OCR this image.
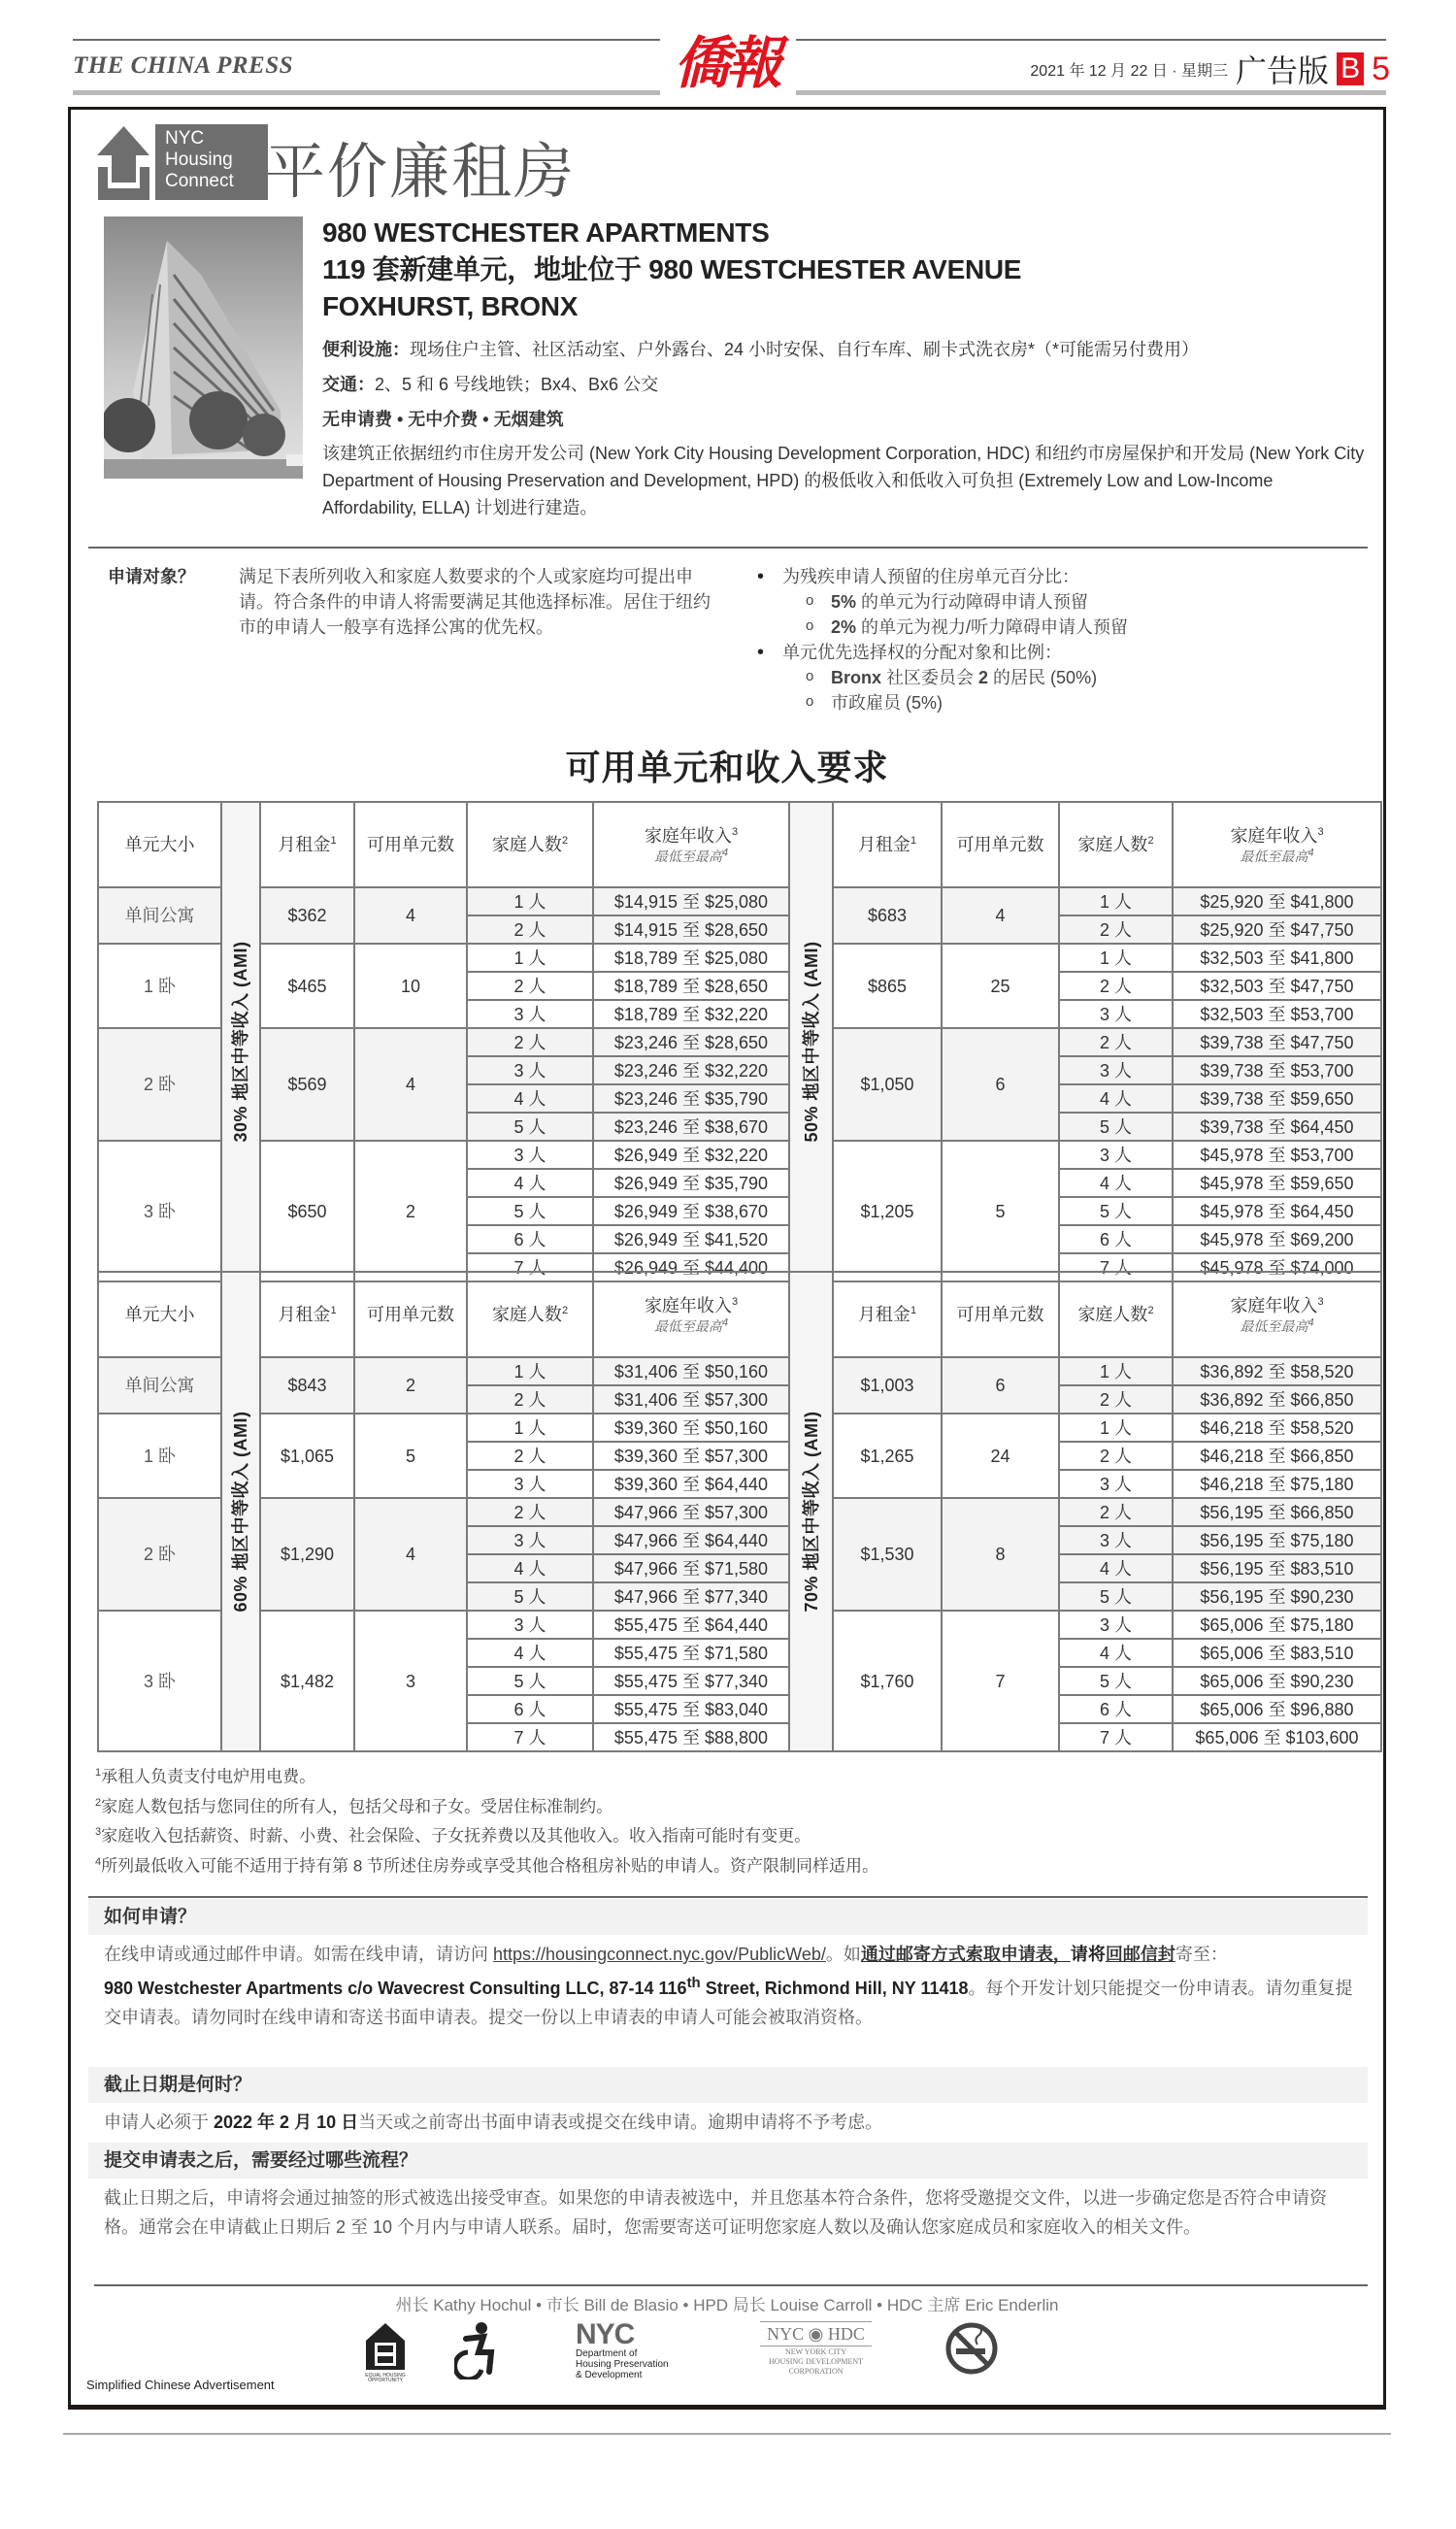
THE CHINA PRESS	僑報	2021 年 12 月 22 日 · 星期三 广告版 B 5
NYC
Housing
Connect 平价廉租房
980 WESTCHESTER APARTMENTS
119 套新建单元，地址位于 980 WESTCHESTER AVENUE
FOXHURST, BRONX
便利设施：现场住户主管、社区活动室、户外露台、24 小时安保、自行车库、刷卡式洗衣房*（*可能需另付费用）
交通：2、5 和 6 号线地铁；Bx4、Bx6 公交
无申请费 • 无中介费 • 无烟建筑
该建筑正依据纽约市住房开发公司 (New York City Housing Development Corporation, HDC) 和纽约市房屋保护和开发局 (New York City Department of Housing Preservation and Development, HPD) 的极低收入和低收入可负担 (Extremely Low and Low-Income Affordability, ELLA) 计划进行建造。
申请对象？	满足下表所列收入和家庭人数要求的个人或家庭均可提出申请。符合条件的申请人将需要满足其他选择标准。居住于纽约市的申请人一般享有选择公寓的优先权。
• 为残疾申请人预留的住房单元百分比：
o 5% 的单元为行动障碍申请人预留
o 2% 的单元为视力/听力障碍申请人预留
• 单元优先选择权的分配对象和比例：
o Bronx 社区委员会 2 的居民 (50%)
o 市政雇员 (5%)
可用单元和收入要求
单元大小	30% 地区中等收入 (AMI)	月租金$^1$	可用单元数	家庭人数$^2$	家庭年收入$^3$
最低至最高$^4$	50% 地区中等收入 (AMI)	月租金$^1$	可用单元数	家庭人数$^2$	家庭年收入$^3$
最低至最高$^4$

单间公寓		$362	4	1 人	$14,915 至 $25,080		$683	4	1 人	$25,920 至 $41,800
				2 人	$14,915 至 $28,650				2 人	$25,920 至 $47,750
1 卧		$465	10	1 人	$18,789 至 $25,080		$865	25	1 人	$32,503 至 $41,800
				2 人	$18,789 至 $28,650				2 人	$32,503 至 $47,750
				3 人	$18,789 至 $32,220				3 人	$32,503 至 $53,700
2 卧		$569	4	2 人	$23,246 至 $28,650		$1,050	6	2 人	$39,738 至 $47,750
				3 人	$23,246 至 $32,220				3 人	$39,738 至 $53,700
				4 人	$23,246 至 $35,790				4 人	$39,738 至 $59,650
				5 人	$23,246 至 $38,670				5 人	$39,738 至 $64,450
3 卧		$650	2	3 人	$26,949 至 $32,220		$1,205	5	3 人	$45,978 至 $53,700
				4 人	$26,949 至 $35,790				4 人	$45,978 至 $59,650
				5 人	$26,949 至 $38,670				5 人	$45,978 至 $64,450
				6 人	$26,949 至 $41,520				6 人	$45,978 至 $69,200
				7 人	$26,949 至 $44,400				7 人	$45,978 至 $74,000
单元大小	60% 地区中等收入 (AMI)	月租金$^1$	可用单元数	家庭人数$^2$	家庭年收入$^3$
最低至最高$^4$	70% 地区中等收入 (AMI)	月租金$^1$	可用单元数	家庭人数$^2$	家庭年收入$^3$
最低至最高$^4$

单间公寓		$843	2	1 人	$31,406 至 $50,160		$1,003	6	1 人	$36,892 至 $58,520
				2 人	$31,406 至 $57,300				2 人	$36,892 至 $66,850
1 卧		$1,065	5	1 人	$39,360 至 $50,160		$1,265	24	1 人	$46,218 至 $58,520
				2 人	$39,360 至 $57,300				2 人	$46,218 至 $66,850
				3 人	$39,360 至 $64,440				3 人	$46,218 至 $75,180
2 卧		$1,290	4	2 人	$47,966 至 $57,300		$1,530	8	2 人	$56,195 至 $66,850
				3 人	$47,966 至 $64,440				3 人	$56,195 至 $75,180
				4 人	$47,966 至 $71,580				4 人	$56,195 至 $83,510
				5 人	$47,966 至 $77,340				5 人	$56,195 至 $90,230
3 卧		$1,482	3	3 人	$55,475 至 $64,440		$1,760	7	3 人	$65,006 至 $75,180
				4 人	$55,475 至 $71,580				4 人	$65,006 至 $83,510
				5 人	$55,475 至 $77,340				5 人	$65,006 至 $90,230
				6 人	$55,475 至 $83,040				6 人	$65,006 至 $96,880
				7 人	$55,475 至 $88,800				7 人	$65,006 至 $103,600
$^1$承租人负责支付电炉用电费。
$^2$家庭人数包括与您同住的所有人，包括父母和子女。受居住标准制约。
$^3$家庭收入包括薪资、时薪、小费、社会保险、子女抚养费以及其他收入。收入指南可能时有变更。
$^4$所列最低收入可能不适用于持有第 8 节所述住房券或享受其他合格租房补贴的申请人。资产限制同样适用。
如何申请？
在线申请或通过邮件申请。如需在线申请，请访问 https://housingconnect.nyc.gov/PublicWeb/。如通过邮寄方式索取申请表，请将回邮信封寄至：
980 Westchester Apartments c/o Wavecrest Consulting LLC, 87-14 116th Street, Richmond Hill, NY 11418。每个开发计划只能提交一份申请表。请勿重复提交申请表。请勿同时在线申请和寄送书面申请表。提交一份以上申请表的申请人可能会被取消资格。
截止日期是何时？
申请人必须于 2022 年 2 月 10 日当天或之前寄出书面申请表或提交在线申请。逾期申请将不予考虑。
提交申请表之后，需要经过哪些流程？
截止日期之后，申请将会通过抽签的形式被选出接受审查。如果您的申请表被选中，并且您基本符合条件，您将受邀提交文件，以进一步确定您是否符合申请资格。通常会在申请截止日期后 2 至 10 个月内与申请人联系。届时，您需要寄送可证明您家庭人数以及确认您家庭成员和家庭收入的相关文件。
州长 Kathy Hochul • 市长 Bill de Blasio • HPD 局长 Louise Carroll • HDC 主席 Eric Enderlin
EQUAL HOUSING
OPPORTUNITY
NYC
Department of
Housing Preservation
& Development
NYC ◉ HDC
NEW YORK CITY
HOUSING DEVELOPMENT
CORPORATION
Simplified Chinese Advertisement
